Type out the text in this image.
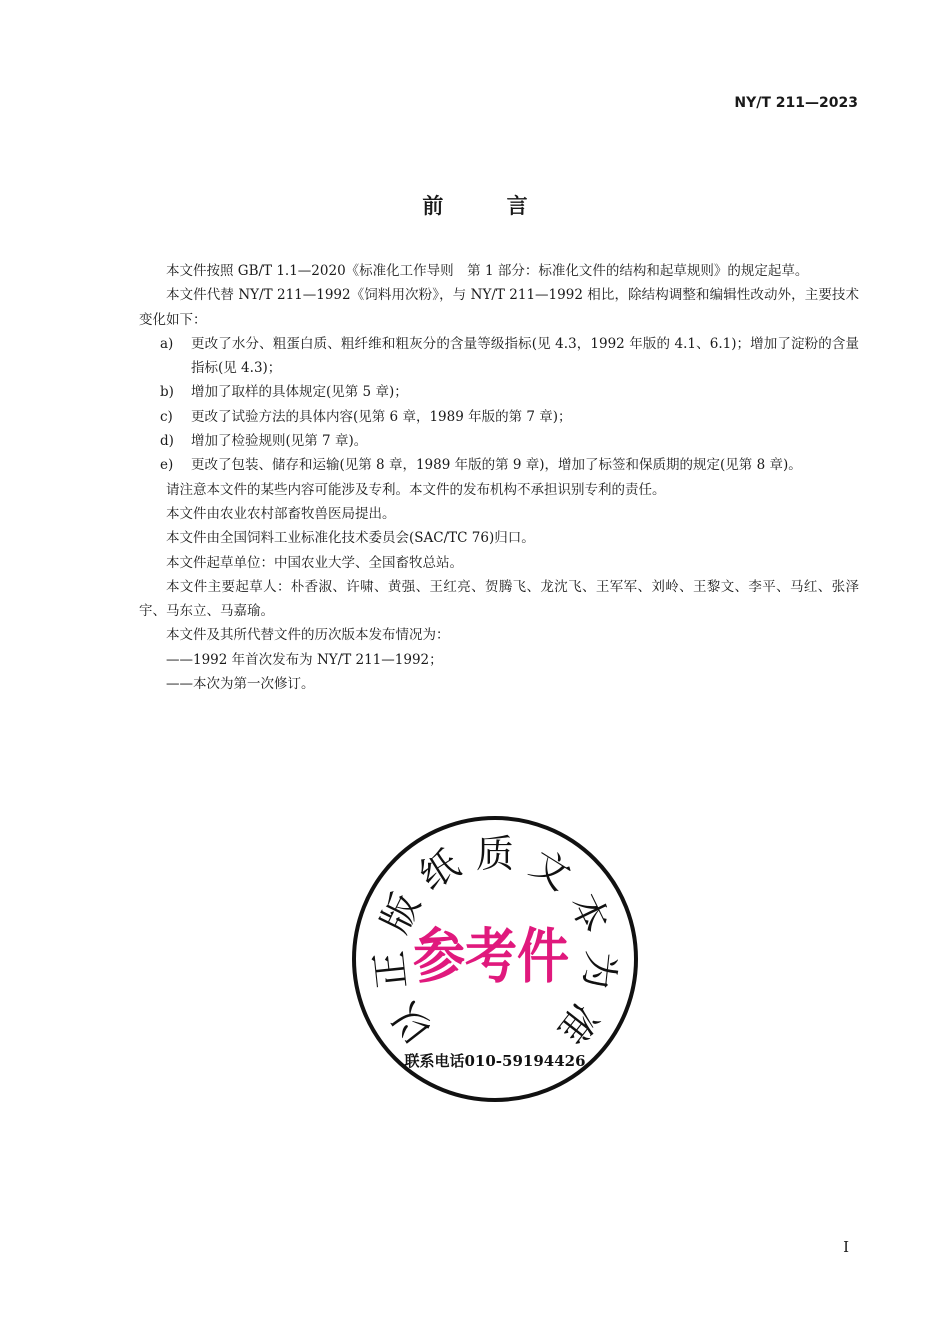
NY/T 211—2023
前 言

本文件按照 GB/T 1.1—2020《标准化工作导则　第 1 部分：标准化文件的结构和起草规则》的规定起草。

本文件代替 NY/T 211—1992《饲料用次粉》，与 NY/T 211—1992 相比，除结构调整和编辑性改动外，主要技术变化如下：

a)	更改了水分、粗蛋白质、粗纤维和粗灰分的含量等级指标(见 4.3，1992 年版的 4.1、6.1)；增加了淀粉的含量指标(见 4.3)；
b)	增加了取样的具体规定(见第 5 章)；
c)	更改了试验方法的具体内容(见第 6 章，1989 年版的第 7 章)；
d)	增加了检验规则(见第 7 章)。
e)	更改了包装、储存和运输(见第 8 章，1989 年版的第 9 章)，增加了标签和保质期的规定(见第 8 章)。

请注意本文件的某些内容可能涉及专利。本文件的发布机构不承担识别专利的责任。

本文件由农业农村部畜牧兽医局提出。

本文件由全国饲料工业标准化技术委员会(SAC/TC 76)归口。

本文件起草单位：中国农业大学、全国畜牧总站。

本文件主要起草人：朴香淑、许啸、黄强、王红亮、贺腾飞、龙沈飞、王军军、刘岭、王黎文、李平、马红、张泽宇、马东立、马嘉瑜。

本文件及其所代替文件的历次版本发布情况为：

——1992 年首次发布为 NY/T 211—1992；

——本次为第一次修订。

以
正
版
纸 质 文
本
为
准
参考件
联系电话010-59194426
I
